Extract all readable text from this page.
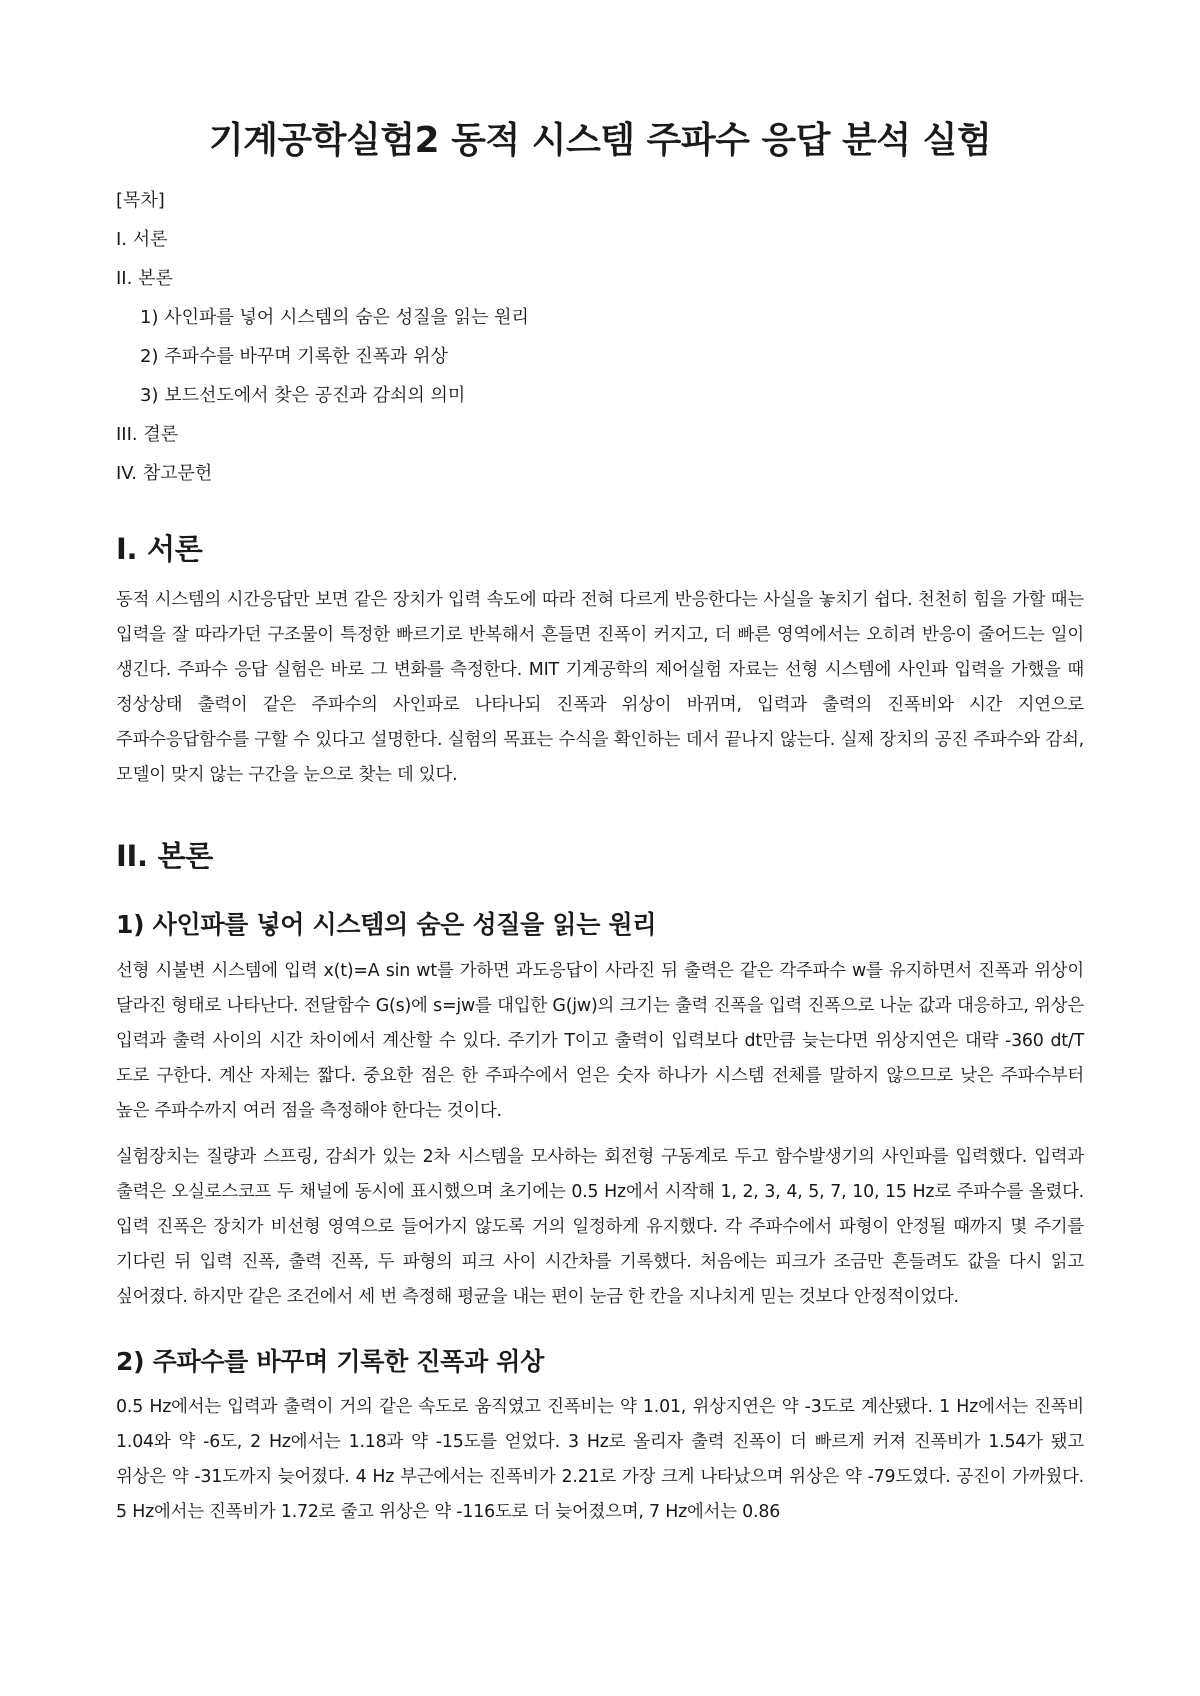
기계공학실험2 동적 시스템 주파수 응답 분석 실험
[목차]
I. 서론
II. 본론
1) 사인파를 넣어 시스템의 숨은 성질을 읽는 원리
2) 주파수를 바꾸며 기록한 진폭과 위상
3) 보드선도에서 찾은 공진과 감쇠의 의미
III. 결론
IV. 참고문헌
I. 서론

동적 시스템의 시간응답만 보면 같은 장치가 입력 속도에 따라 전혀 다르게 반응한다는 사실을 놓치기 쉽다. 천천히 힘을 가할 때는 입력을 잘 따라가던 구조물이 특정한 빠르기로 반복해서 흔들면 진폭이 커지고, 더 빠른 영역에서는 오히려 반응이 줄어드는 일이 생긴다. 주파수 응답 실험은 바로 그 변화를 측정한다. MIT 기계공학의 제어실험 자료는 선형 시스템에 사인파 입력을 가했을 때 정상상태 출력이 같은 주파수의 사인파로 나타나되 진폭과 위상이 바뀌며, 입력과 출력의 진폭비와 시간 지연으로 주파수응답함수를 구할 수 있다고 설명한다. 실험의 목표는 수식을 확인하는 데서 끝나지 않는다. 실제 장치의 공진 주파수와 감쇠, 모델이 맞지 않는 구간을 눈으로 찾는 데 있다.

II. 본론
1) 사인파를 넣어 시스템의 숨은 성질을 읽는 원리

선형 시불변 시스템에 입력 x(t)=A sin wt를 가하면 과도응답이 사라진 뒤 출력은 같은 각주파수 w를 유지하면서 진폭과 위상이 달라진 형태로 나타난다. 전달함수 G(s)에 s=jw를 대입한 G(jw)의 크기는 출력 진폭을 입력 진폭으로 나눈 값과 대응하고, 위상은 입력과 출력 사이의 시간 차이에서 계산할 수 있다. 주기가 T이고 출력이 입력보다 dt만큼 늦는다면 위상지연은 대략 -360 dt/T 도로 구한다. 계산 자체는 짧다. 중요한 점은 한 주파수에서 얻은 숫자 하나가 시스템 전체를 말하지 않으므로 낮은 주파수부터 높은 주파수까지 여러 점을 측정해야 한다는 것이다.

실험장치는 질량과 스프링, 감쇠가 있는 2차 시스템을 모사하는 회전형 구동계로 두고 함수발생기의 사인파를 입력했다. 입력과 출력은 오실로스코프 두 채널에 동시에 표시했으며 초기에는 0.5 Hz에서 시작해 1, 2, 3, 4, 5, 7, 10, 15 Hz로 주파수를 올렸다. 입력 진폭은 장치가 비선형 영역으로 들어가지 않도록 거의 일정하게 유지했다. 각 주파수에서 파형이 안정될 때까지 몇 주기를 기다린 뒤 입력 진폭, 출력 진폭, 두 파형의 피크 사이 시간차를 기록했다. 처음에는 피크가 조금만 흔들려도 값을 다시 읽고 싶어졌다. 하지만 같은 조건에서 세 번 측정해 평균을 내는 편이 눈금 한 칸을 지나치게 믿는 것보다 안정적이었다.

2) 주파수를 바꾸며 기록한 진폭과 위상

0.5 Hz에서는 입력과 출력이 거의 같은 속도로 움직였고 진폭비는 약 1.01, 위상지연은 약 -3도로 계산됐다. 1 Hz에서는 진폭비 1.04와 약 -6도, 2 Hz에서는 1.18과 약 -15도를 얻었다. 3 Hz로 올리자 출력 진폭이 더 빠르게 커져 진폭비가 1.54가 됐고 위상은 약 -31도까지 늦어졌다. 4 Hz 부근에서는 진폭비가 2.21로 가장 크게 나타났으며 위상은 약 -79도였다. 공진이 가까웠다. 5 Hz에서는 진폭비가 1.72로 줄고 위상은 약 -116도로 더 늦어졌으며, 7 Hz에서는 0.86
